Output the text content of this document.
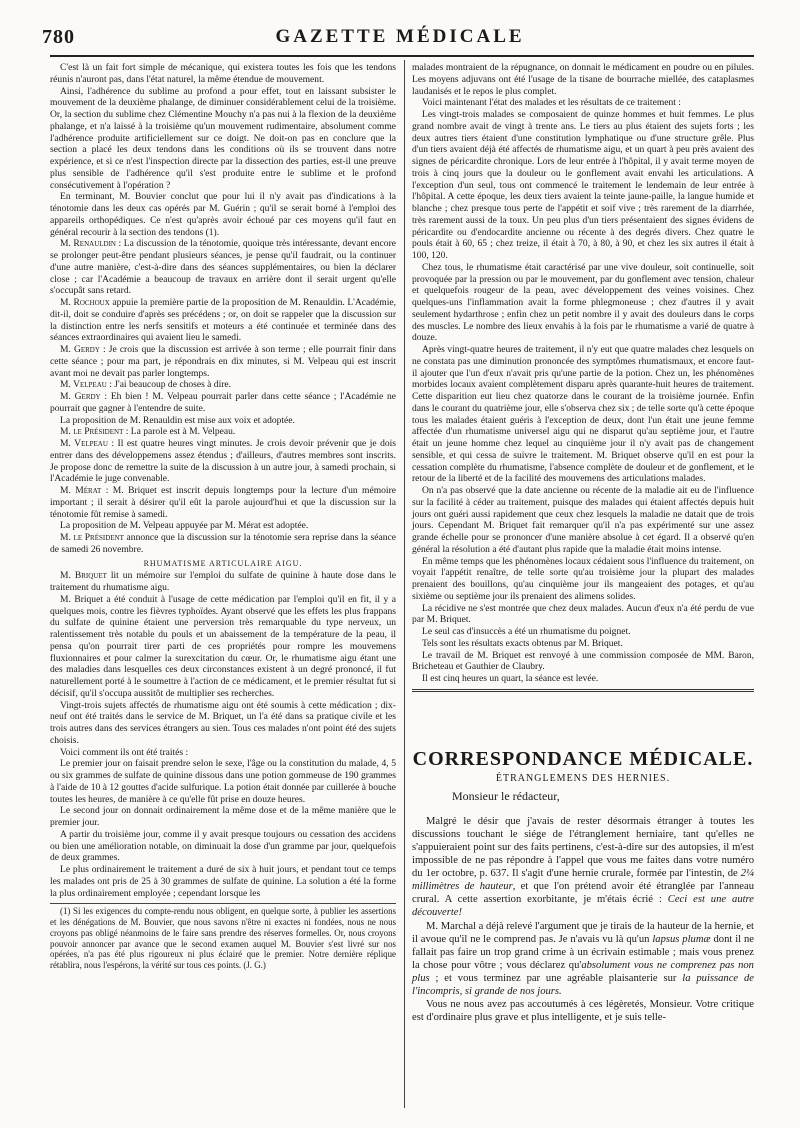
780	GAZETTE MÉDICALE

C'est là un fait fort simple de mécanique, qui existera toutes les fois que les tendons réunis n'auront pas, dans l'état naturel, la même étendue de mouvement.

Ainsi, l'adhérence du sublime au profond a pour effet, tout en laissant subsister le mouvement de la deuxième phalange, de diminuer considérablement celui de la troisième. Or, la section du sublime chez Clémentine Mouchy n'a pas nui à la flexion de la deuxième phalange, et n'a laissé à la troisième qu'un mouvement rudimentaire, absolument comme l'adhérence produite artificiellement sur ce doigt. Ne doit-on pas en conclure que la section a placé les deux tendons dans les conditions où ils se trouvent dans notre expérience, et si ce n'est l'inspection directe par la dissection des parties, est-il une preuve plus sensible de l'adhérence qu'il s'est produite entre le sublime et le profond consécutivement à l'opération ?

En terminant, M. Bouvier conclut que pour lui il n'y avait pas d'indications à la ténotomie dans les deux cas opérés par M. Guérin ; qu'il se serait borné à l'emploi des appareils orthopédiques. Ce n'est qu'après avoir échoué par ces moyens qu'il faut en général recourir à la section des tendons (1).

M. Renauldin : La discussion de la ténotomie, quoique très intéressante, devant encore se prolonger peut-être pendant plusieurs séances, je pense qu'il faudrait, ou la continuer d'une autre manière, c'est-à-dire dans des séances supplémentaires, ou bien la déclarer close ; car l'Académie a beaucoup de travaux en arrière dont il serait urgent qu'elle s'occupât sans retard.

M. Rochoux appuie la première partie de la proposition de M. Renauldin. L'Académie, dit-il, doit se conduire d'après ses précédens ; or, on doit se rappeler que la discussion sur la distinction entre les nerfs sensitifs et moteurs a été continuée et terminée dans des séances extraordinaires qui avaient lieu le samedi.

M. Gerdy : Je crois que la discussion est arrivée à son terme ; elle pourrait finir dans cette séance ; pour ma part, je répondrais en dix minutes, si M. Velpeau qui est inscrit avant moi ne devait pas parler longtemps.

M. Velpeau : J'ai beaucoup de choses à dire.

M. Gerdy : Eh bien ! M. Velpeau pourrait parler dans cette séance ; l'Académie ne pourrait que gagner à l'entendre de suite.

La proposition de M. Renauldin est mise aux voix et adoptée.

M. le Président : La parole est à M. Velpeau.

M. Velpeau : Il est quatre heures vingt minutes. Je crois devoir prévenir que je dois entrer dans des développemens assez étendus ; d'ailleurs, d'autres membres sont inscrits. Je propose donc de remettre la suite de la discussion à un autre jour, à samedi prochain, si l'Académie le juge convenable.

M. Mérat : M. Briquet est inscrit depuis longtemps pour la lecture d'un mémoire important ; il serait à désirer qu'il eût la parole aujourd'hui et que la discussion sur la ténotomie fût remise à samedi.

La proposition de M. Velpeau appuyée par M. Mérat est adoptée.

M. le Président annonce que la discussion sur la ténotomie sera reprise dans la séance de samedi 26 novembre.

RHUMATISME ARTICULAIRE AIGU.

M. Briquet lit un mémoire sur l'emploi du sulfate de quinine à haute dose dans le traitement du rhumatisme aigu.

M. Briquet a été conduit à l'usage de cette médication par l'emploi qu'il en fit, il y a quelques mois, contre les fièvres typhoïdes. Ayant observé que les effets les plus frappans du sulfate de quinine étaient une perversion très remarquable du type nerveux, un ralentissement très notable du pouls et un abaissement de la température de la peau, il pensa qu'on pourrait tirer parti de ces propriétés pour rompre les mouvemens fluxionnaires et pour calmer la surexcitation du cœur. Or, le rhumatisme aigu étant une des maladies dans lesquelles ces deux circonstances existent à un degré prononcé, il fut naturellement porté à le soumettre à l'action de ce médicament, et le premier résultat fut si décisif, qu'il s'occupa aussitôt de multiplier ses recherches.

Vingt-trois sujets affectés de rhumatisme aigu ont été soumis à cette médication ; dix-neuf ont été traités dans le service de M. Briquet, un l'a été dans sa pratique civile et les trois autres dans des services étrangers au sien. Tous ces malades n'ont point été des sujets choisis.

Voici comment ils ont été traités :

Le premier jour on faisait prendre selon le sexe, l'âge ou la constitution du malade, 4, 5 ou six grammes de sulfate de quinine dissous dans une potion gommeuse de 190 grammes à l'aide de 10 à 12 gouttes d'acide sulfurique. La potion était donnée par cuillerée à bouche toutes les heures, de manière à ce qu'elle fût prise en douze heures.

Le second jour on donnait ordinairement la même dose et de la même manière que le premier jour.

A partir du troisième jour, comme il y avait presque toujours ou cessation des accidens ou bien une amélioration notable, on diminuait la dose d'un gramme par jour, quelquefois de deux grammes.

Le plus ordinairement le traitement a duré de six à huit jours, et pendant tout ce temps les malades ont pris de 25 à 30 grammes de sulfate de quinine. La solution a été la forme la plus ordinairement employée ; cependant lorsque les

(1) Si les exigences du compte-rendu nous obligent, en quelque sorte, à publier les assertions et les dénégations de M. Bouvier, que nous savons n'être ni exactes ni fondées, nous ne nous croyons pas obligé néanmoins de le faire sans prendre des réserves formelles. Or, nous croyons pouvoir annoncer par avance que le second examen auquel M. Bouvier s'est livré sur nos opérées, n'a pas été plus rigoureux ni plus éclairé que le premier. Notre dernière réplique rétablira, nous l'espérons, la vérité sur tous ces points. (J. G.)

malades montraient de la répugnance, on donnait le médicament en poudre ou en pilules. Les moyens adjuvans ont été l'usage de la tisane de bourrache miellée, des cataplasmes laudanisés et le repos le plus complet.

Voici maintenant l'état des malades et les résultats de ce traitement :

Les vingt-trois malades se composaient de quinze hommes et huit femmes. Le plus grand nombre avait de vingt à trente ans. Le tiers au plus étaient des sujets forts ; les deux autres tiers étaient d'une constitution lymphatique ou d'une structure grêle. Plus d'un tiers avaient déjà été affectés de rhumatisme aigu, et un quart à peu près avaient des signes de péricardite chronique. Lors de leur entrée à l'hôpital, il y avait terme moyen de trois à cinq jours que la douleur ou le gonflement avait envahi les articulations. A l'exception d'un seul, tous ont commencé le traitement le lendemain de leur entrée à l'hôpital. A cette époque, les deux tiers avaient la teinte jaune-paille, la langue humide et blanche ; chez presque tous perte de l'appétit et soif vive ; très rarement de la diarrhée, très rarement aussi de la toux. Un peu plus d'un tiers présentaient des signes évidens de péricardite ou d'endocardite ancienne ou récente à des degrés divers. Chez quatre le pouls était à 60, 65 ; chez treize, il était à 70, à 80, à 90, et chez les six autres il était à 100, 120.

Chez tous, le rhumatisme était caractérisé par une vive douleur, soit continuelle, soit provoquée par la pression ou par le mouvement, par du gonflement avec tension, chaleur et quelquefois rougeur de la peau, avec développement des veines voisines. Chez quelques-uns l'inflammation avait la forme phlegmoneuse ; chez d'autres il y avait seulement hydarthrose ; enfin chez un petit nombre il y avait des douleurs dans le corps des muscles. Le nombre des lieux envahis à la fois par le rhumatisme a varié de quatre à douze.

Après vingt-quatre heures de traitement, il n'y eut que quatre malades chez lesquels on ne constata pas une diminution prononcée des symptômes rhumatismaux, et encore faut-il ajouter que l'un d'eux n'avait pris qu'une partie de la potion. Chez un, les phénomènes morbides locaux avaient complètement disparu après quarante-huit heures de traitement. Cette disparition eut lieu chez quatorze dans le courant de la troisième journée. Enfin dans le courant du quatrième jour, elle s'observa chez six ; de telle sorte qu'à cette époque tous les malades étaient guéris à l'exception de deux, dont l'un était une jeune femme affectée d'un rhumatisme universel aigu qui ne disparut qu'au septième jour, et l'autre était un jeune homme chez lequel au cinquième jour il n'y avait pas de changement sensible, et qui cessa de suivre le traitement. M. Briquet observe qu'il en est pour la cessation complète du rhumatisme, l'absence complète de douleur et de gonflement, et le retour de la liberté et de la facilité des mouvemens des articulations malades.

On n'a pas observé que la date ancienne ou récente de la maladie ait eu de l'influence sur la facilité à céder au traitement, puisque des malades qui étaient affectés depuis huit jours ont guéri aussi rapidement que ceux chez lesquels la maladie ne datait que de trois jours. Cependant M. Briquet fait remarquer qu'il n'a pas expérimenté sur une assez grande échelle pour se prononcer d'une manière absolue à cet égard. Il a observé qu'en général la résolution a été d'autant plus rapide que la maladie était moins intense.

En même temps que les phénomènes locaux cédaient sous l'influence du traitement, on voyait l'appétit renaître, de telle sorte qu'au troisième jour la plupart des malades prenaient des bouillons, qu'au cinquième jour ils mangeaient des potages, et qu'au sixième ou septième jour ils prenaient des alimens solides.

La récidive ne s'est montrée que chez deux malades. Aucun d'eux n'a été perdu de vue par M. Briquet.

Le seul cas d'insuccès a été un rhumatisme du poignet.

Tels sont les résultats exacts obtenus par M. Briquet.

Le travail de M. Briquet est renvoyé à une commission composée de MM. Baron, Bricheteau et Gauthier de Claubry.

Il est cinq heures un quart, la séance est levée.

CORRESPONDANCE MÉDICALE.
ÉTRANGLEMENS DES HERNIES.
Monsieur le rédacteur,

Malgré le désir que j'avais de rester désormais étranger à toutes les discussions touchant le siége de l'étranglement herniaire, tant qu'elles ne s'appuieraient point sur des faits pertinens, c'est-à-dire sur des autopsies, il m'est impossible de ne pas répondre à l'appel que vous me faites dans votre numéro du 1er octobre, p. 637. Il s'agit d'une hernie crurale, formée par l'intestin, de 2¼ millimètres de hauteur, et que l'on prétend avoir été étranglée par l'anneau crural. A cette assertion exorbitante, je m'étais écrié : Ceci est une autre découverte!

M. Marchal a déjà relevé l'argument que je tirais de la hauteur de la hernie, et il avoue qu'il ne le comprend pas. Je n'avais vu là qu'un lapsus plumæ dont il ne fallait pas faire un trop grand crime à un écrivain estimable ; mais vous prenez la chose pour vôtre ; vous déclarez qu'absolument vous ne comprenez pas non plus ; et vous terminez par une agréable plaisanterie sur la puissance de l'incompris, si grande de nos jours.

Vous ne nous avez pas accoutumés à ces légèretés, Monsieur. Votre critique est d'ordinaire plus grave et plus intelligente, et je suis telle-
